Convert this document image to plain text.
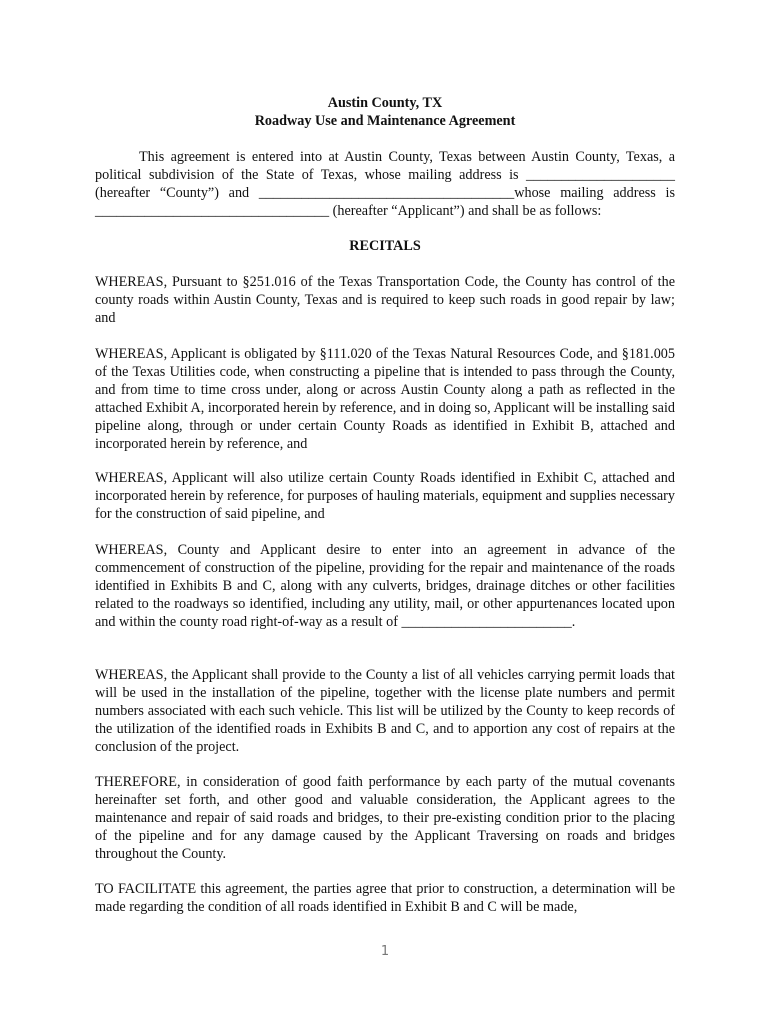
Austin County, TX
Roadway Use and Maintenance Agreement

This agreement is entered into at Austin County, Texas between Austin County, Texas, a political subdivision of the State of Texas, whose mailing address is _____________________ (hereafter “County”) and ____________________________________whose mailing address is _________________________________ (hereafter “Applicant”) and shall be as follows:

RECITALS

WHEREAS, Pursuant to §251.016 of the Texas Transportation Code, the County has control of the county roads within Austin County, Texas and is required to keep such roads in good repair by law; and

WHEREAS, Applicant is obligated by §111.020 of the Texas Natural Resources Code, and §181.005 of the Texas Utilities code, when constructing a pipeline that is intended to pass through the County, and from time to time cross under, along or across Austin County along a path as reflected in the attached Exhibit A, incorporated herein by reference, and in doing so, Applicant will be installing said pipeline along, through or under certain County Roads as identified in Exhibit B, attached and incorporated herein by reference, and

WHEREAS, Applicant will also utilize certain County Roads identified in Exhibit C, attached and incorporated herein by reference, for purposes of hauling materials, equipment and supplies necessary for the construction of said pipeline, and

WHEREAS, County and Applicant desire to enter into an agreement in advance of the commencement of construction of the pipeline, providing for the repair and maintenance of the roads identified in Exhibits B and C, along with any culverts, bridges, drainage ditches or other facilities related to the roadways so identified, including any utility, mail, or other appurtenances located upon and within the county road right-of-way as a result of ________________________.

WHEREAS, the Applicant shall provide to the County a list of all vehicles carrying permit loads that will be used in the installation of the pipeline, together with the license plate numbers and permit numbers associated with each such vehicle. This list will be utilized by the County to keep records of the utilization of the identified roads in Exhibits B and C, and to apportion any cost of repairs at the conclusion of the project.

THEREFORE, in consideration of good faith performance by each party of the mutual covenants hereinafter set forth, and other good and valuable consideration, the Applicant agrees to the maintenance and repair of said roads and bridges, to their pre-existing condition prior to the placing of the pipeline and for any damage caused by the Applicant Traversing on roads and bridges throughout the County.

TO FACILITATE this agreement, the parties agree that prior to construction, a determination will be made regarding the condition of all roads identified in Exhibit B and C will be made,

1
